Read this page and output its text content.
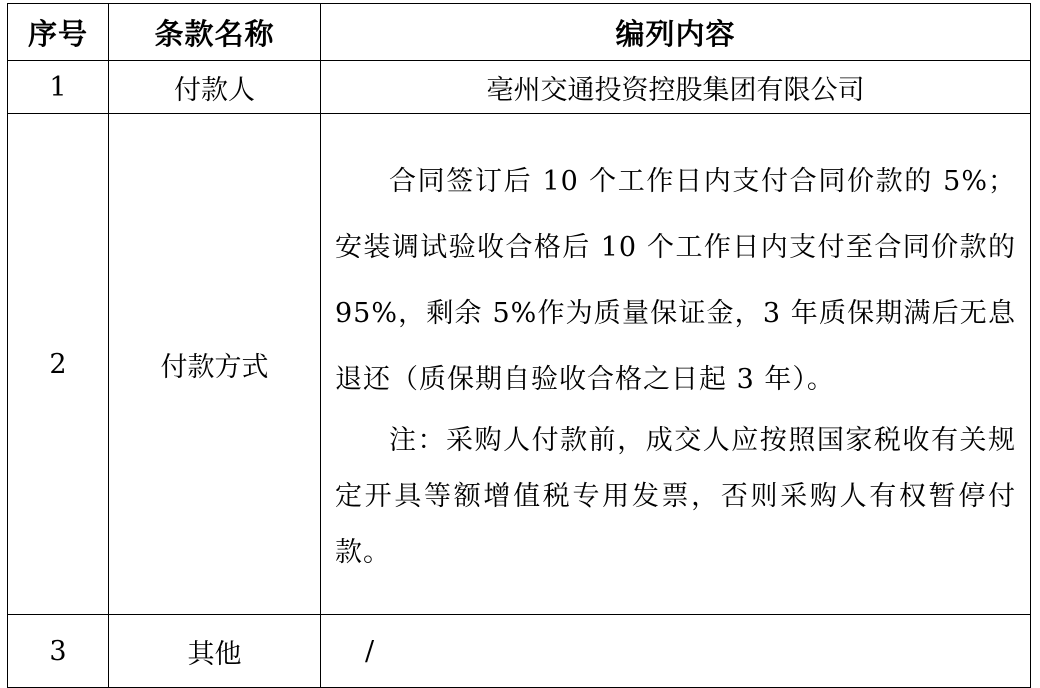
序号	条款名称	编列内容
1	付款人	亳州交通投资控股集团有限公司
2	付款方式	合同签订后 10 个工作日内支付合同价款的 5%；安装调试验收合格后 10 个工作日内支付至合同价款的 95%，剩余 5%作为质量保证金，3 年质保期满后无息退还（质保期自验收合格之日起 3 年）。

注：采购人付款前，成交人应按照国家税收有关规定开具等额增值税专用发票，否则采购人有权暂停付款。

3	其他	/
